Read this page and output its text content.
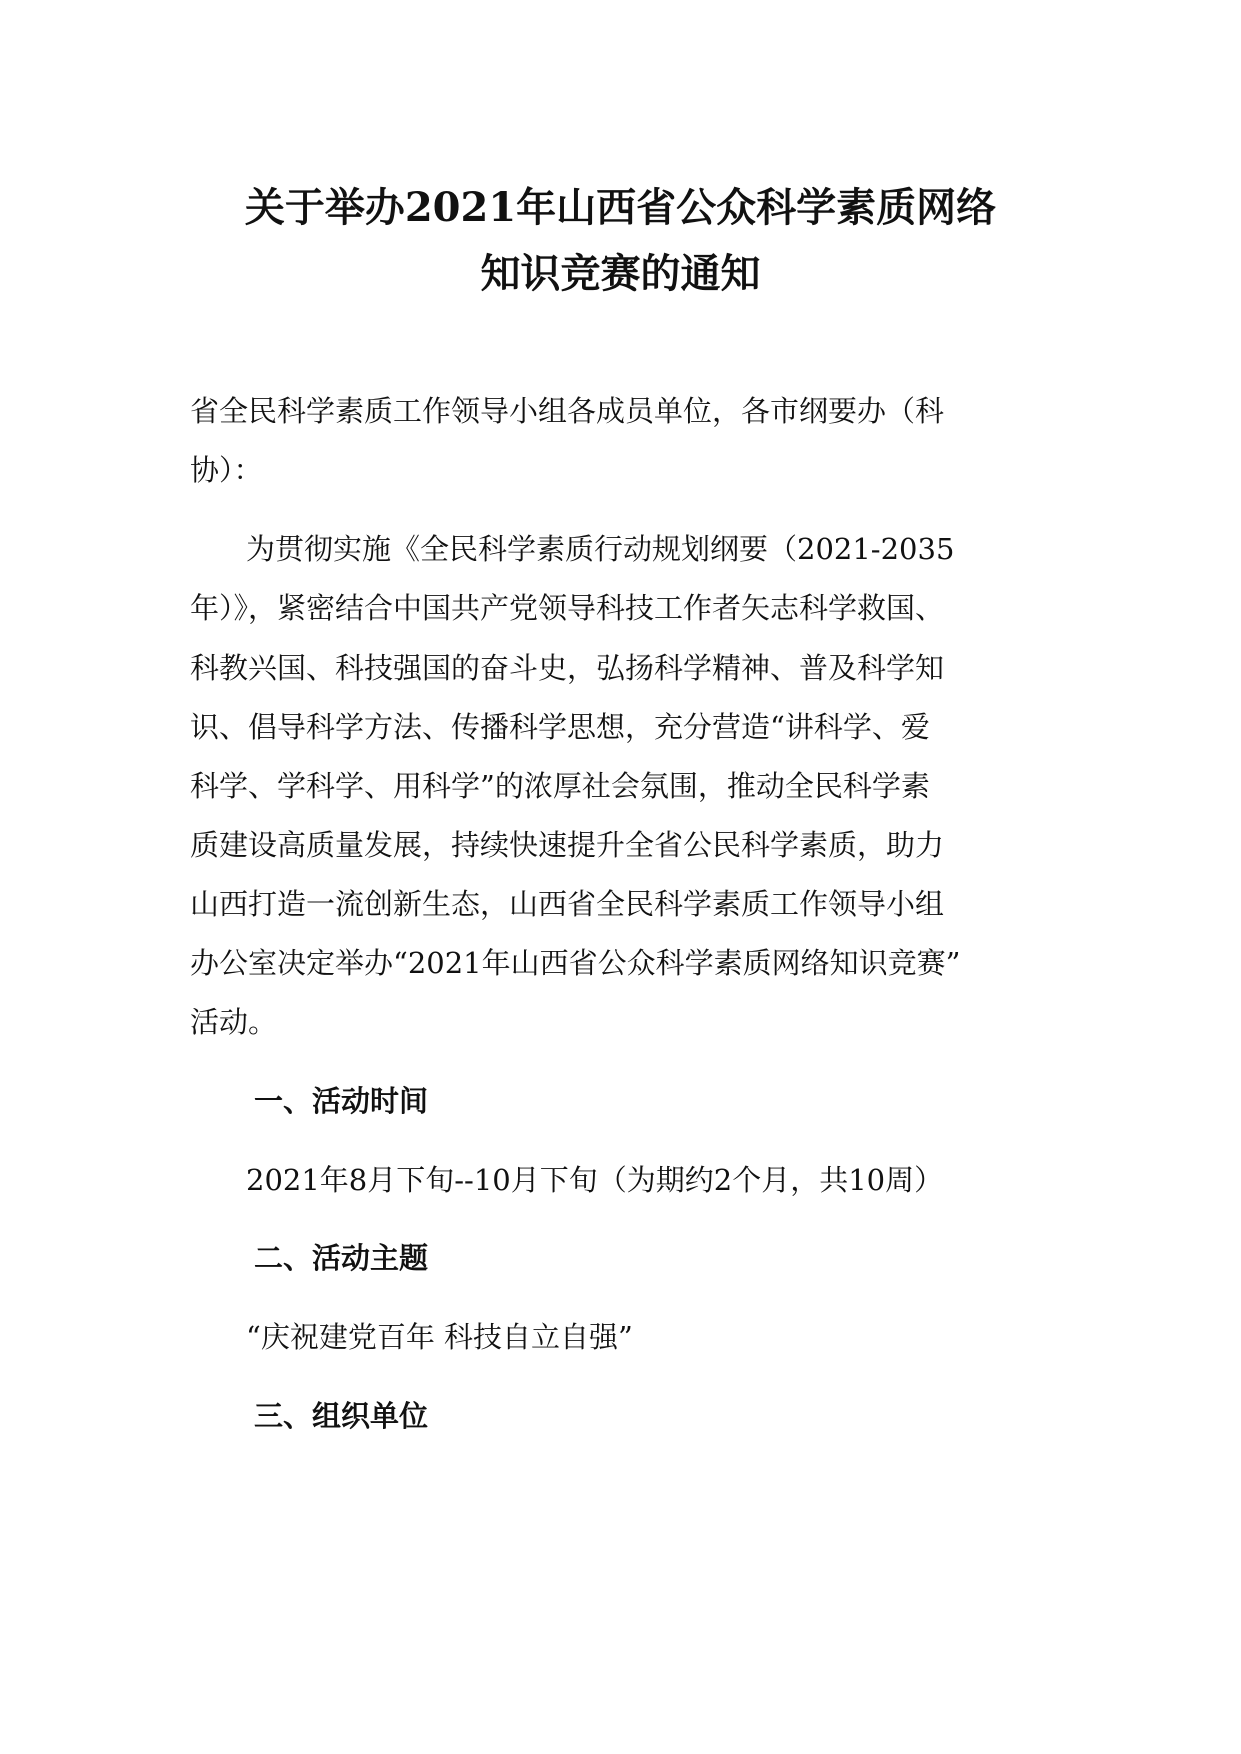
关于举办2021年山西省公众科学素质网络
知识竞赛的通知

省全民科学素质工作领导小组各成员单位，各市纲要办（科

协）：

为贯彻实施《全民科学素质行动规划纲要（2021-2035

年）》，紧密结合中国共产党领导科技工作者矢志科学救国、

科教兴国、科技强国的奋斗史，弘扬科学精神、普及科学知

识、倡导科学方法、传播科学思想，充分营造“讲科学、爱

科学、学科学、用科学”的浓厚社会氛围，推动全民科学素

质建设高质量发展，持续快速提升全省公民科学素质，助力

山西打造一流创新生态，山西省全民科学素质工作领导小组

办公室决定举办“2021年山西省公众科学素质网络知识竞赛”

活动。

一、活动时间

2021年8月下旬--10月下旬（为期约2个月，共10周）

二、活动主题

“庆祝建党百年 科技自立自强”

三、组织单位
